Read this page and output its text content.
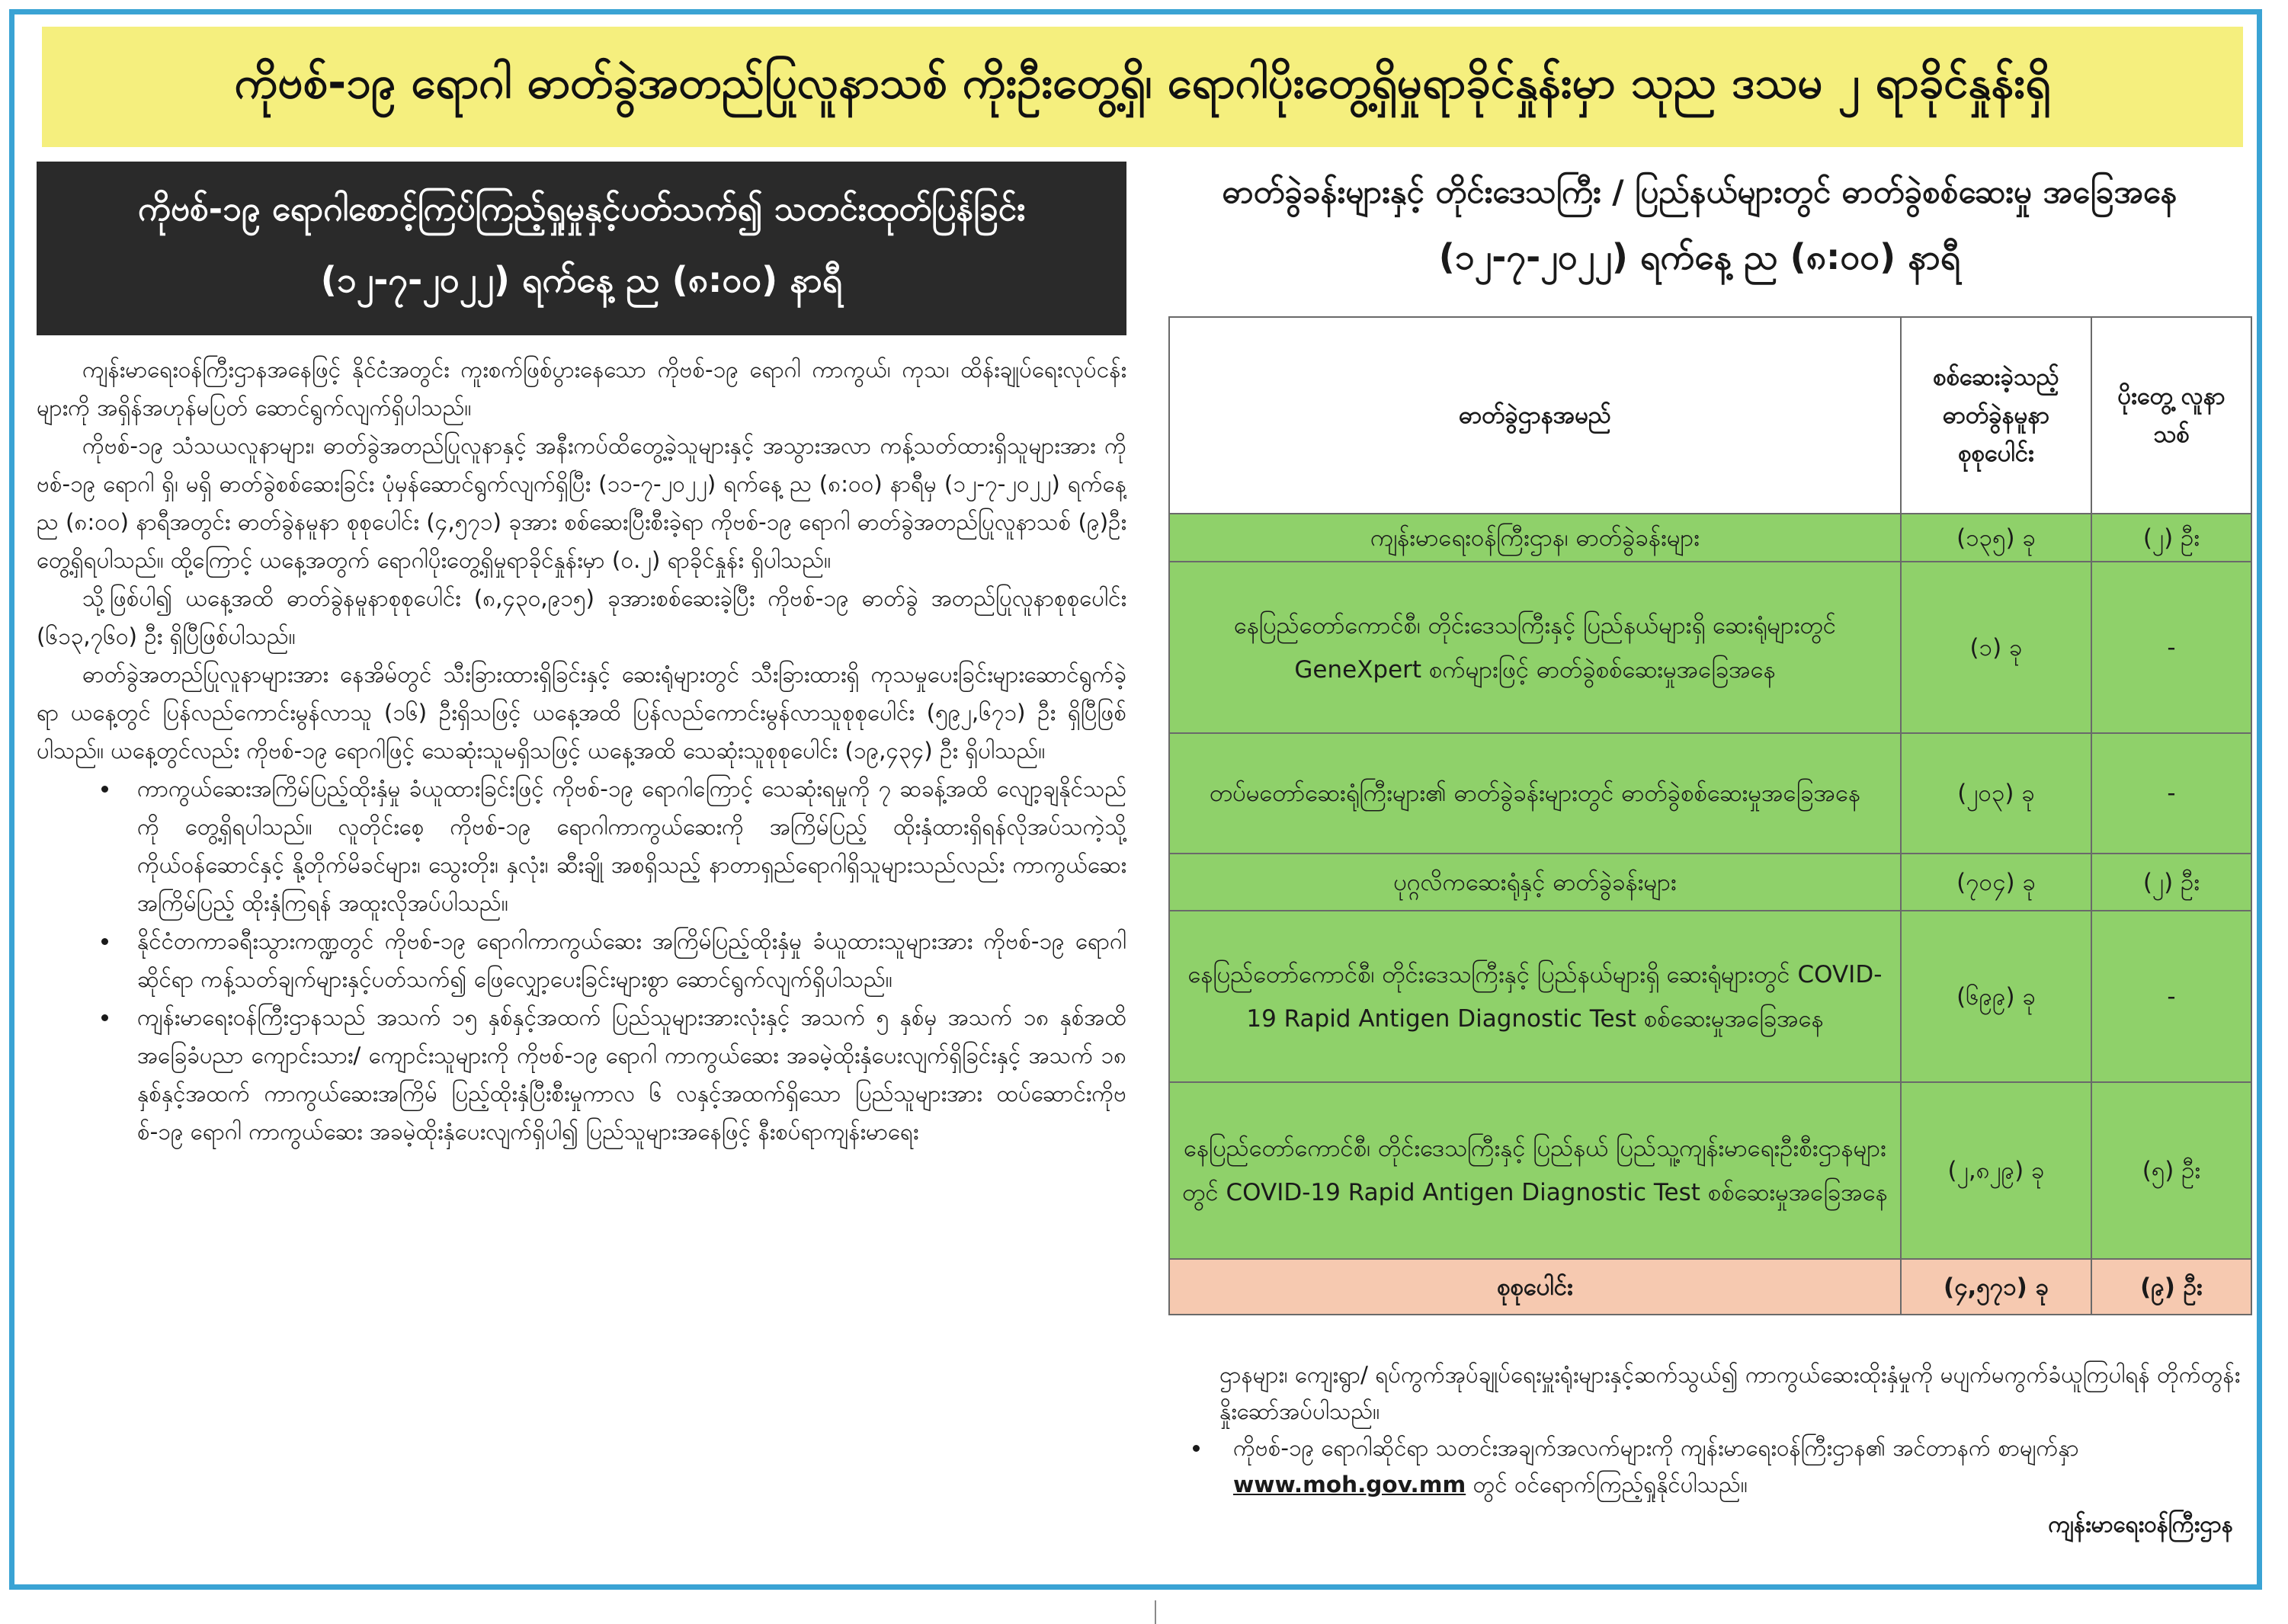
ကိုဗစ်-၁၉ ရောဂါ ဓာတ်ခွဲအတည်ပြုလူနာသစ် ကိုးဦးတွေ့ရှိ၊ ရောဂါပိုးတွေ့ရှိမှုရာခိုင်နှုန်းမှာ သုည ဒသမ ၂ ရာခိုင်နှုန်းရှိ
ကိုဗစ်-၁၉ ရောဂါစောင့်ကြပ်ကြည့်ရှုမှုနှင့်ပတ်သက်၍ သတင်းထုတ်ပြန်ခြင်း
(၁၂-၇-၂၀၂၂) ရက်နေ့ ည (၈:၀၀) နာရီ

ကျန်းမာရေးဝန်ကြီးဌာနအနေဖြင့် နိုင်ငံအတွင်း ကူးစက်ဖြစ်ပွားနေသော ကိုဗစ်-၁၉ ရောဂါ ကာကွယ်၊ ကုသ၊ ထိန်းချုပ်ရေးလုပ်ငန်းများကို အရှိန်အဟုန်မပြတ် ဆောင်ရွက်လျက်ရှိပါသည်။

ကိုဗစ်-၁၉ သံသယလူနာများ၊ ဓာတ်ခွဲအတည်ပြုလူနာနှင့် အနီးကပ်ထိတွေ့ခဲ့သူများနှင့် အသွားအလာ ကန့်သတ်ထားရှိသူများအား ကိုဗစ်-၁၉ ရောဂါ ရှိ၊ မရှိ ဓာတ်ခွဲစစ်ဆေးခြင်း ပုံမှန်ဆောင်ရွက်လျက်ရှိပြီး (၁၁-၇-၂၀၂၂) ရက်နေ့ ည (၈:၀၀) နာရီမှ (၁၂-၇-၂၀၂၂) ရက်နေ့ ည (၈:၀၀) နာရီအတွင်း ဓာတ်ခွဲနမူနာ စုစုပေါင်း (၄,၅၇၁) ခုအား စစ်ဆေးပြီးစီးခဲ့ရာ ကိုဗစ်-၁၉ ရောဂါ ဓာတ်ခွဲအတည်ပြုလူနာသစ် (၉)ဦး တွေ့ရှိရပါသည်။ ထို့ကြောင့် ယနေ့အတွက် ရောဂါပိုးတွေ့ရှိမှုရာခိုင်နှုန်းမှာ (၀.၂) ရာခိုင်နှုန်း ရှိပါသည်။

သို့ဖြစ်ပါ၍ ယနေ့အထိ ဓာတ်ခွဲနမူနာစုစုပေါင်း (၈,၄၃၀,၉၁၅) ခုအားစစ်ဆေးခဲ့ပြီး ကိုဗစ်-၁၉ ဓာတ်ခွဲ အတည်ပြုလူနာစုစုပေါင်း (၆၁၃,၇၆၀) ဦး ရှိပြီဖြစ်ပါသည်။

ဓာတ်ခွဲအတည်ပြုလူနာများအား နေအိမ်တွင် သီးခြားထားရှိခြင်းနှင့် ဆေးရုံများတွင် သီးခြားထားရှိ ကုသမှုပေးခြင်းများဆောင်ရွက်ခဲ့ရာ ယနေ့တွင် ပြန်လည်ကောင်းမွန်လာသူ (၁၆) ဦးရှိသဖြင့် ယနေ့အထိ ပြန်လည်ကောင်းမွန်လာသူစုစုပေါင်း (၅၉၂,၆၇၁) ဦး ရှိပြီဖြစ်ပါသည်။ ယနေ့တွင်လည်း ကိုဗစ်-၁၉ ရောဂါဖြင့် သေဆုံးသူမရှိသဖြင့် ယနေ့အထိ သေဆုံးသူစုစုပေါင်း (၁၉,၄၃၄) ဦး ရှိပါသည်။

• ကာကွယ်ဆေးအကြိမ်ပြည့်ထိုးနှံမှု ခံယူထားခြင်းဖြင့် ကိုဗစ်-၁၉ ရောဂါကြောင့် သေဆုံးရမှုကို ၇ ဆခန့်အထိ လျော့ချနိုင်သည်ကို တွေ့ရှိရပါသည်။ လူတိုင်းစေ့ ကိုဗစ်-၁၉ ရောဂါကာကွယ်ဆေးကို အကြိမ်ပြည့် ထိုးနှံထားရှိရန်လိုအပ်သကဲ့သို့ ကိုယ်ဝန်ဆောင်နှင့် နို့တိုက်မိခင်များ၊ သွေးတိုး၊ နှလုံး၊ ဆီးချို အစရှိသည့် နာတာရှည်ရောဂါရှိသူများသည်လည်း ကာကွယ်ဆေး အကြိမ်ပြည့် ထိုးနှံကြရန် အထူးလိုအပ်ပါသည်။
• နိုင်ငံတကာခရီးသွားကဏ္ဍတွင် ကိုဗစ်-၁၉ ရောဂါကာကွယ်ဆေး အကြိမ်ပြည့်ထိုးနှံမှု ခံယူထားသူများအား ကိုဗစ်-၁၉ ရောဂါဆိုင်ရာ ကန့်သတ်ချက်များနှင့်ပတ်သက်၍ ဖြေလျှော့ပေးခြင်းများစွာ ဆောင်ရွက်လျက်ရှိပါသည်။
• ကျန်းမာရေးဝန်ကြီးဌာနသည် အသက် ၁၅ နှစ်နှင့်အထက် ပြည်သူများအားလုံးနှင့် အသက် ၅ နှစ်မှ အသက် ၁၈ နှစ်အထိ အခြေခံပညာ ကျောင်းသား/ ကျောင်းသူများကို ကိုဗစ်-၁၉ ရောဂါ ကာကွယ်ဆေး အခမဲ့ထိုးနှံပေးလျက်ရှိခြင်းနှင့် အသက် ၁၈ နှစ်နှင့်အထက် ကာကွယ်ဆေးအကြိမ် ပြည့်ထိုးနှံပြီးစီးမှုကာလ ၆ လနှင့်အထက်ရှိသော ပြည်သူများအား ထပ်ဆောင်းကိုဗစ်-၁၉ ရောဂါ ကာကွယ်ဆေး အခမဲ့ထိုးနှံပေးလျက်ရှိပါ၍ ပြည်သူများအနေဖြင့် နီးစပ်ရာကျန်းမာရေး
ဓာတ်ခွဲခန်းများနှင့် တိုင်းဒေသကြီး / ပြည်နယ်များတွင် ဓာတ်ခွဲစစ်ဆေးမှု အခြေအနေ
(၁၂-၇-၂၀၂၂) ရက်နေ့ ည (၈:၀၀) နာရီ
ဓာတ်ခွဲဌာနအမည်	စစ်ဆေးခဲ့သည့် ဓာတ်ခွဲနမူနာ စုစုပေါင်း	ပိုးတွေ့ လူနာသစ်
ကျန်းမာရေးဝန်ကြီးဌာန၊ ဓာတ်ခွဲခန်းများ	(၁၃၅) ခု	(၂) ဦး
နေပြည်တော်ကောင်စီ၊ တိုင်းဒေသကြီးနှင့် ပြည်နယ်များရှိ ဆေးရုံများတွင် GeneXpert စက်များဖြင့် ဓာတ်ခွဲစစ်ဆေးမှုအခြေအနေ	(၁) ခု	-
တပ်မတော်ဆေးရုံကြီးများ၏ ဓာတ်ခွဲခန်းများတွင် ဓာတ်ခွဲစစ်ဆေးမှုအခြေအနေ	(၂၀၃) ခု	-
ပုဂ္ဂလိကဆေးရုံနှင့် ဓာတ်ခွဲခန်းများ	(၇၀၄) ခု	(၂) ဦး
နေပြည်တော်ကောင်စီ၊ တိုင်းဒေသကြီးနှင့် ပြည်နယ်များရှိ ဆေးရုံများတွင် COVID-19 Rapid Antigen Diagnostic Test စစ်ဆေးမှုအခြေအနေ	(၆၉၉) ခု	-
နေပြည်တော်ကောင်စီ၊ တိုင်းဒေသကြီးနှင့် ပြည်နယ် ပြည်သူ့ကျန်းမာရေးဦးစီးဌာနများတွင် COVID-19 Rapid Antigen Diagnostic Test စစ်ဆေးမှုအခြေအနေ	(၂,၈၂၉) ခု	(၅) ဦး
စုစုပေါင်း	(၄,၅၇၁) ခု	(၉) ဦး

ဌာနများ၊ ကျေးရွာ/ ရပ်ကွက်အုပ်ချုပ်ရေးမှူးရုံးများနှင့်ဆက်သွယ်၍ ကာကွယ်ဆေးထိုးနှံမှုကို မပျက်မကွက်ခံယူကြပါရန် တိုက်တွန်းနှိုးဆော်အပ်ပါသည်။

• ကိုဗစ်-၁၉ ရောဂါဆိုင်ရာ သတင်းအချက်အလက်များကို ကျန်းမာရေးဝန်ကြီးဌာန၏ အင်တာနက် စာမျက်နှာ www.moh.gov.mm တွင် ဝင်ရောက်ကြည့်ရှုနိုင်ပါသည်။
ကျန်းမာရေးဝန်ကြီးဌာန
